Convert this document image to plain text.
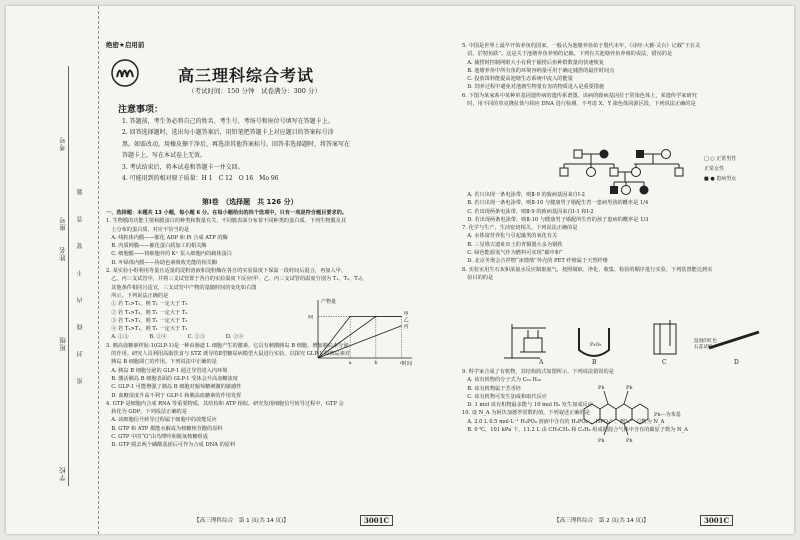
考号
座号
姓名
班级
学校
密　　封　　线　　内　　不　　要　　答　　题
绝密★启用前
高三理科综合考试
（考试时间：150 分钟　试卷满分：300 分）
注意事项：
1. 答题前，考生务必将自己的姓名、考生号、考场号和座位号填写在答题卡上。
2. 回答选择题时，选出每小题答案后，用铅笔把答题卡上对应题目的答案标号涂
黑。如需改动，用橡皮擦干净后，再选涂其他答案标号。回答非选择题时，将答案写在
答题卡上，写在本试卷上无效。
3. 考试结束后，将本试卷和答题卡一并交回。
4. 可能用到的相对原子质量：H 1　C 12　O 16　Mo 96
第Ⅰ卷　（选择题　共 126 分）
一、选择题：本题共 13 小题，每小题 6 分。在每小题给出的四个选项中，只有一项是符合题目要求的。
1. 生物膜的功能主要和膜蛋白的种类和数量有关，不同膜表面分布着不同种类的蛋白质。下列生物膜及其
　上分布的蛋白质，对应不恰当的是
　A. 线粒体内膜——催化 ADP 和 Pi 合成 ATP 的酶
　B. 内质网膜——催化蛋白质加工的相关酶
　C. 细胞膜——将细胞外的 K⁺ 泵入细胞内的载体蛋白
　D. 叶绿体内膜——协助色素吸收光能的相关酶
2. 某实验小组利用等量且适量的淀粉溶液和淀粉酶在各自的实验温度下保温一段时间后混合，再加入甲、
　乙、丙三支试管中，并将三支试管置于各自的实验温度下反应(甲、乙、丙三支试管的温度分别为 T₁、T₂、T₃)，
　其他条件相同且适宜，三支试管中产物的量随时间的变化如右图
　所示。下列说法正确的是
　① 若 T₁>T₂，则 T₁ 一定大于 T₃
　② 若 T₂>T₃，则 T₁ 一定大于 T₂
　③ 若 T₂>T₁，则 T₁ 一定大于 T₃
　④ 若 T₃>T₁，则 T₁ 一定大于 T₂
　A. ①③　　　　B. ①④　　　　C. ②③　　　　D. ②④
3. 胰高血糖素样肽-1(GLP-1)是一种由肠道 L 细胞产生的激素，它具有刺激胰岛 B 细胞、增加胰岛素分泌
　的作用。研究人员利用高脂饮食与 STZ 诱导的Ⅱ型糖尿病模型大鼠进行实验，以探究 GLP-1 和胰岛素对
　胰岛 B 细胞凋亡的作用。下列说法中正确的是
　A. 胰岛 B 细胞分泌的 GLP-1 通过导管进入内环境
　B. 激活胰岛 B 细胞表面的 GLP-1 受体会升高血糖浓度
　C. GLP-1 可能增强了胰岛 B 细胞对葡萄糖刺激的敏感性
　D. 血糖浓度升高不利于 GLP-1 和胰高血糖素的作用发挥
4. GTP 是细胞内合成 RNA 等重要物质，其结构和 ATP 相似。研究发现细胞信号转导过程中，GTP 会
　转化为 GDP，下列说法正确的是
　A. 该细胞信号转导过程属于细胞中的放能反应
　B. GTP 和 ATP 都能水解成为核糖核苷酸的原料
　C. GTP 中的“G”由鸟嘌呤和脱氧核糖组成
　D. GTP 脱去两个磷酸基团后可作为合成 DNA 的原料
产物量
时间
M	甲
乙
丙
a	b	c
【高三理科综合　第 1 页(共 14 页)】	3001C
5. 中国是世界上最早开始养鱼的国家，一般认为池塘养鱼始于殷代末年，《诗经·大雅·灵台》记载“王在灵
　沼，於牣鱼跃”。这是关于池塘养鱼养殖的记载。下列有关池塘养鱼养殖的说法，错误的是
　A. 捕捞时控制网眼大小有利于捕捞后鱼种群数量的快速恢复
　B. 池塘养鱼中所有鱼的环境容纳量可用于确定捕捞的最佳时间点
　C. 投放饵料能提高池塘生态系统中流入的能量
　D. 饲养过程中避免对池塘生物量有害的物质进入是重要措施
6. 下图为某家系中某种单基因遗传病的遗传系谱图。该病的致病基因位于常染色体上，某遗传学家研究
　时，用不同的单克隆抗体与相应 DNA 进行检测，不考虑 X、Y 染色体同源区段，下列说法正确的是
□ ○ 正常男性
正常女性
■ ● 患病男女
　A. 若只出现一条电泳带，则Ⅱ-9 的致病基因来自Ⅰ-2
　B. 若只出现一条电泳带，则Ⅱ-10 与健康男子婚配生育一患病男孩的概率是 1/4
　C. 若出现两条电泳带，则Ⅱ-9 的致病基因来自Ⅰ-1 和Ⅰ-2
　D. 若出现两条电泳带，则Ⅱ-10 与健康男子婚配所生育的孩子患病的概率是 1/3
7. 化学与生产、生活密切相关。下列说法正确的是
　A. 水体富营养化与引起藻类的氧化有关
　B. 三星堆古遗址出土的青铜器大多为钢铁
　C. 绿色能源氢气作为燃料可实现“碳中和”
　D. 北京冬奥会吉祥物“冰墩墩”外壳的 PET 纤维属于天然纤维
8. 实验室用生石灰和浓氨水反应制取氨气，按照制取、净化、收集、检验的顺序进行实验。下列装置能达到实
　验目的的是
P₂O₅
A	B	C	D
湿润的红色
石蕊试纸
9. 科学家合成了有机物，其结构简式如图所示。下列说法错误的是
　A. 该有机物的分子式为 C₃₀ H₂₀
　B. 该有机物属于芳香烃
　C. 该有机物可发生加成和取代反应
　D. 1 mol 该有机物最多能与 10 mol H₂ 发生加成反应
10. 设 N_A 为阿伏加德罗常数的值。下列叙述正确的是
　A. 2.0 L 0.5 mol·L⁻¹ H₃PO₄ 溶液中含有的 H₂PO₄⁻、HPO₄²⁻、PO₄³⁻ 总数为 N_A
　B. 0 ℃，101 kPa 下，11.2 L 由 CH₃CH₃ 和 C₂H₄ 组成的混合气体中含有的碳原子数为 N_A
Ph	Ph
Ph	Ph
Ph—为苯基
【高三理科综合　第 2 页(共 14 页)】	3001C
